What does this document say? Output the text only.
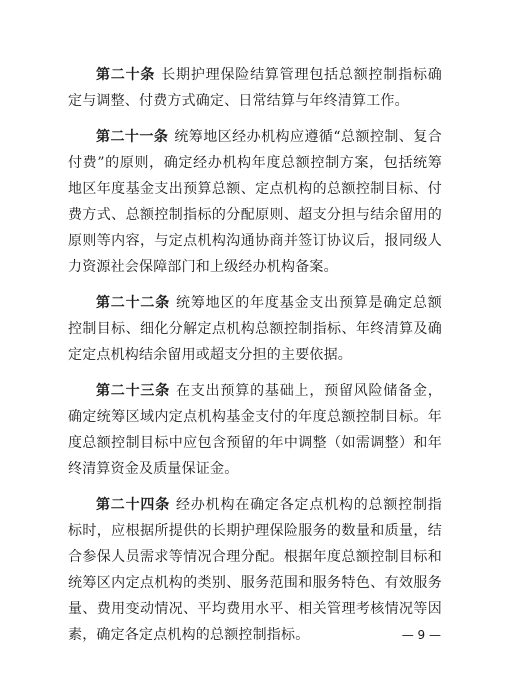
第二十条 长期护理保险结算管理包括总额控制指标确定与调整、付费方式确定、日常结算与年终清算工作。

第二十一条 统筹地区经办机构应遵循“总额控制、复合付费”的原则，确定经办机构年度总额控制方案，包括统筹地区年度基金支出预算总额、定点机构的总额控制目标、付费方式、总额控制指标的分配原则、超支分担与结余留用的原则等内容，与定点机构沟通协商并签订协议后，报同级人力资源社会保障部门和上级经办机构备案。

第二十二条 统筹地区的年度基金支出预算是确定总额控制目标、细化分解定点机构总额控制指标、年终清算及确定定点机构结余留用或超支分担的主要依据。

第二十三条 在支出预算的基础上，预留风险储备金，确定统筹区域内定点机构基金支付的年度总额控制目标。年度总额控制目标中应包含预留的年中调整（如需调整）和年终清算资金及质量保证金。

第二十四条 经办机构在确定各定点机构的总额控制指标时，应根据所提供的长期护理保险服务的数量和质量，结合参保人员需求等情况合理分配。根据年度总额控制目标和统筹区内定点机构的类别、服务范围和服务特色、有效服务量、费用变动情况、平均费用水平、相关管理考核情况等因素，确定各定点机构的总额控制指标。	— 9 —
